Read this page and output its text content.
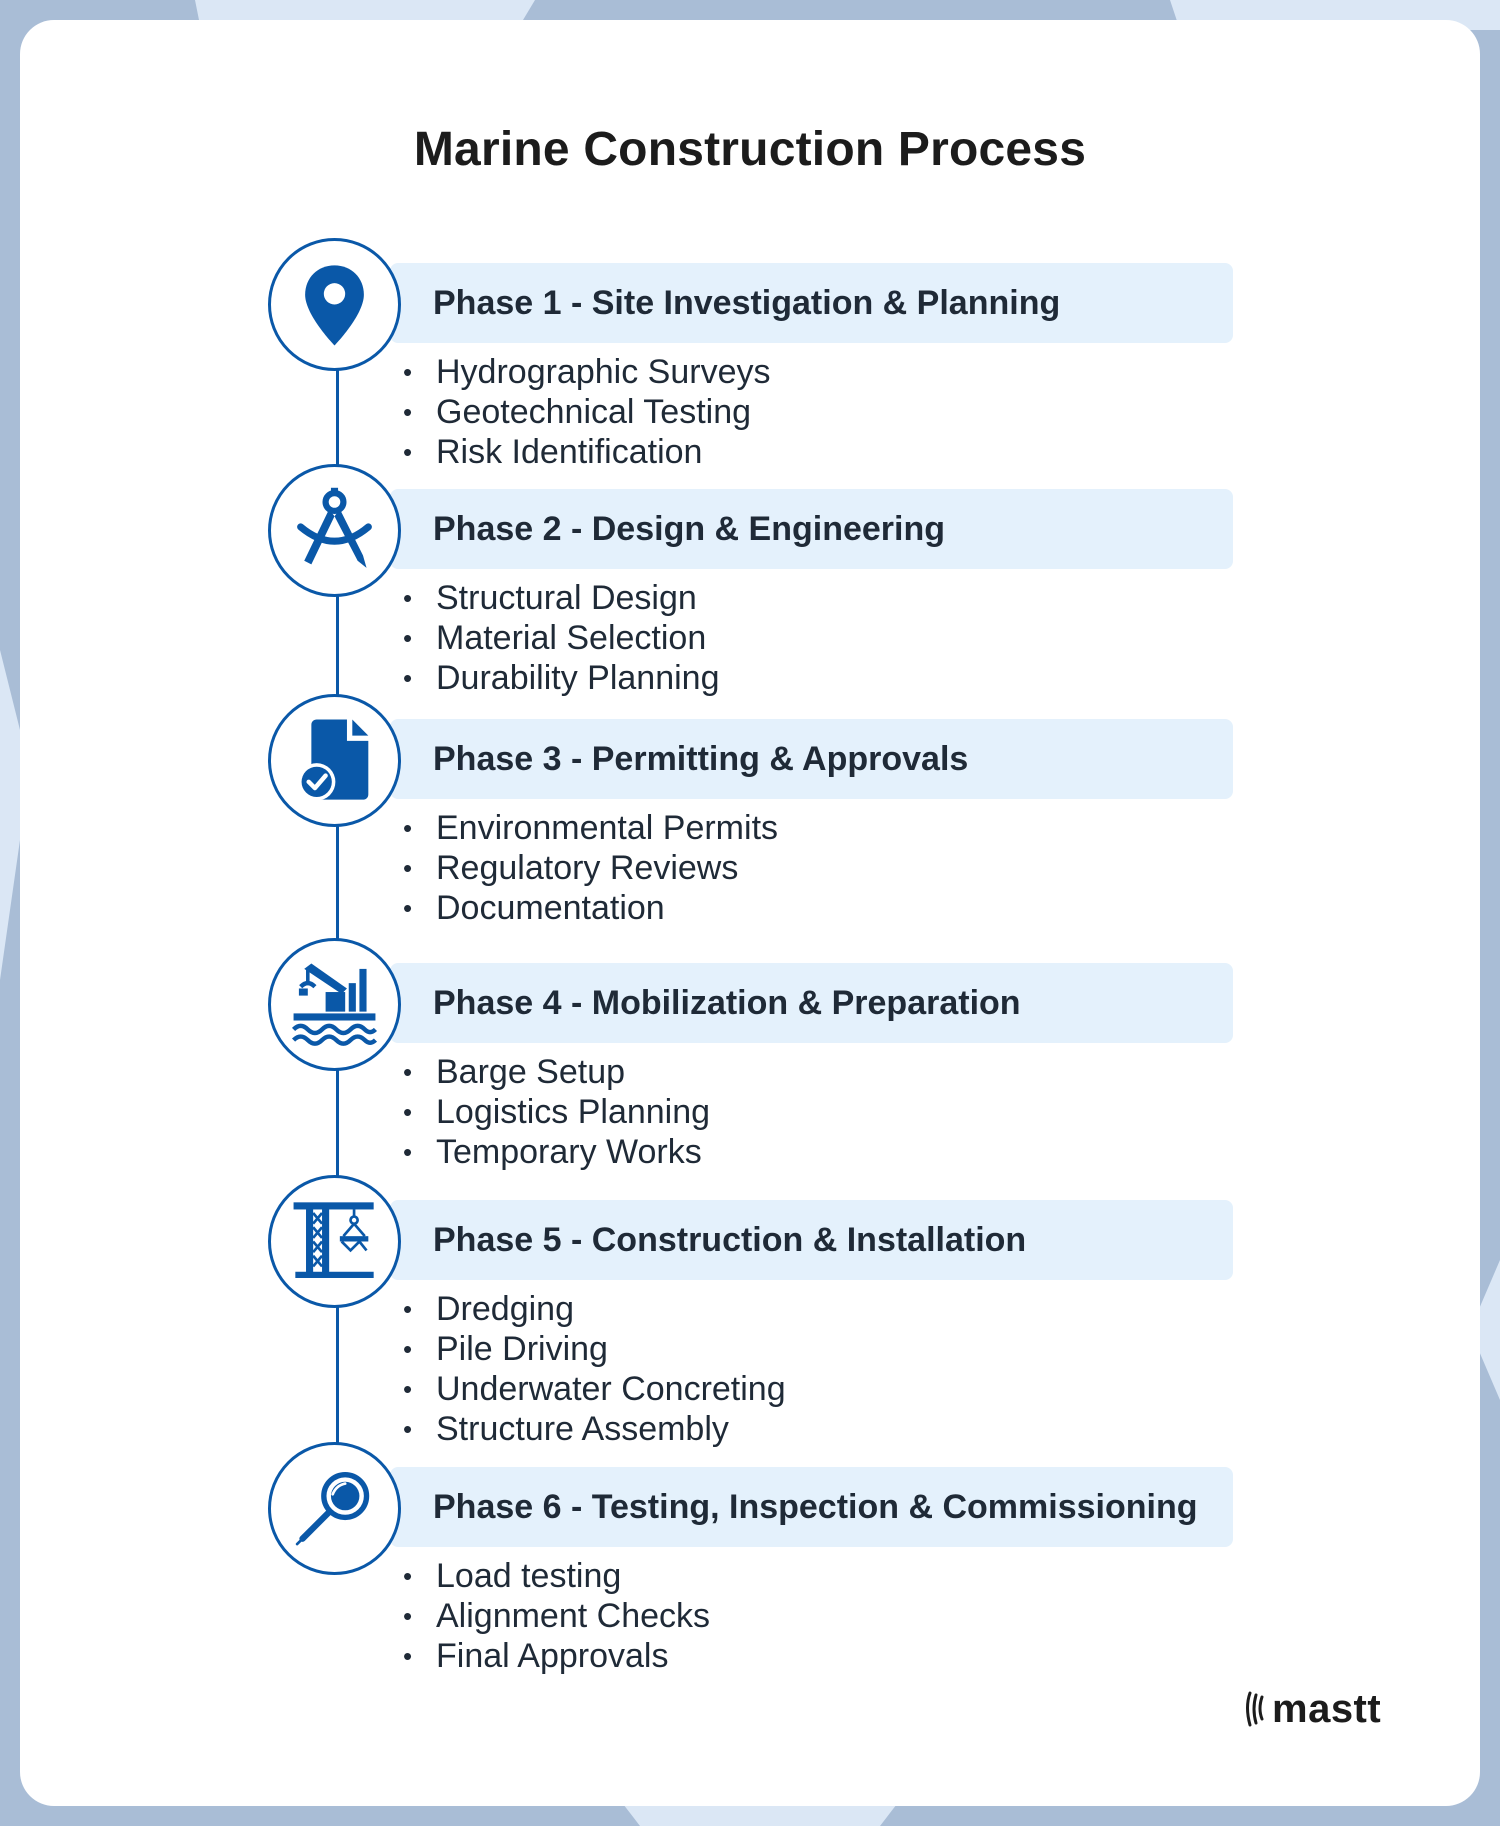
Marine Construction Process
Phase 1 - Site Investigation & Planning
• Hydrographic Surveys
• Geotechnical Testing
• Risk Identification
Phase 2 - Design & Engineering
• Structural Design
• Material Selection
• Durability Planning
Phase 3 - Permitting & Approvals
• Environmental Permits
• Regulatory Reviews
• Documentation
Phase 4 - Mobilization & Preparation
• Barge Setup
• Logistics Planning
• Temporary Works
Phase 5 - Construction & Installation
• Dredging
• Pile Driving
• Underwater Concreting
• Structure Assembly
Phase 6 - Testing, Inspection & Commissioning
• Load testing
• Alignment Checks
• Final Approvals
mastt
